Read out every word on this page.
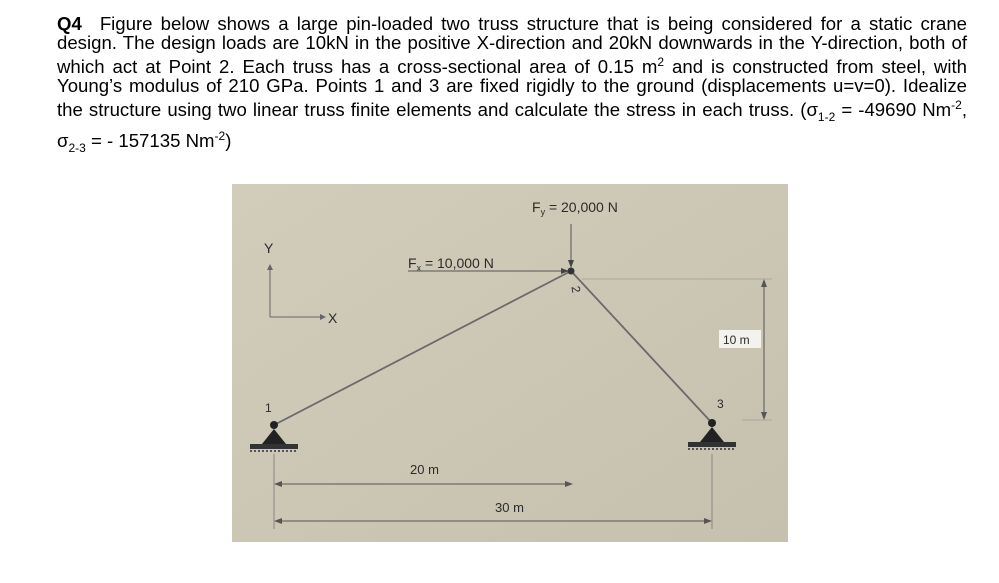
Q4 Figure below shows a large pin-loaded two truss structure that is being considered for a static crane design. The design loads are 10kN in the positive X-direction and 20kN downwards in the Y-direction, both of which act at Point 2. Each truss has a cross-sectional area of 0.15 $m^2$ and is constructed from steel, with Young’s modulus of 210 GPa. Points 1 and 3 are fixed rigidly to the ground (displacements u=v=0). Idealize the structure using two linear truss finite elements and calculate the stress in each truss. ($\sigma_{1-2} = -49690$ $Nm^{-2}$, $\sigma_{2-3}$ = - 157135 $Nm^{-2}$)
Y
X
$F_x = 10,000$ N
$F_y = 20,000$ N
2
1	3
10 m
20 m
30 m
